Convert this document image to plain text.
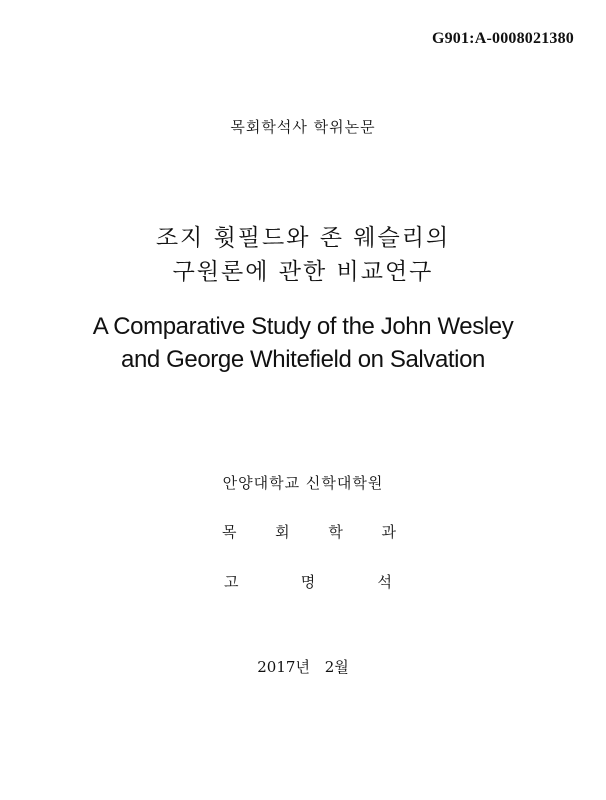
G901:A-0008021380
목회학석사 학위논문
조지 휫필드와 존 웨슬리의
구원론에 관한 비교연구
A Comparative Study of the John Wesley
and George Whitefield on Salvation
안양대학교 신학대학원
목	회	학	과
고	명	석
2017년 2월
